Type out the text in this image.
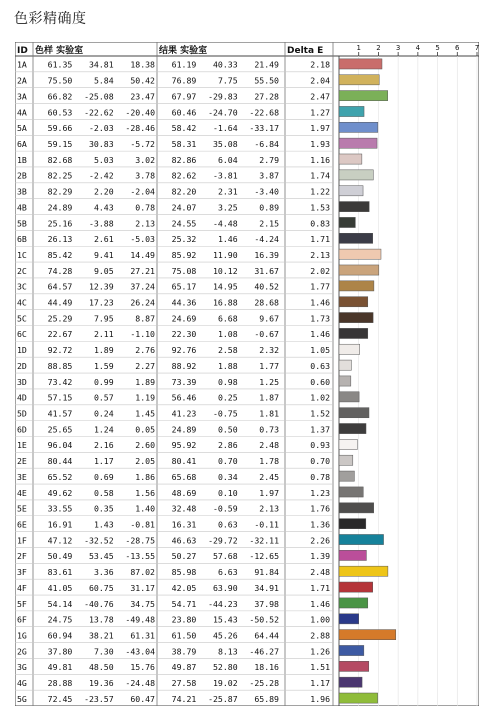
色彩精确度
ID 色样 实验室	结果 实验室	Delta E	1 2 3 4 5 6 7
1A	61.35 34.81 18.38 61.19 40.33 21.49	2.18
2A	75.50	5.84 50.42 76.89	7.75 55.50	2.04
3A	66.82 -25.08 23.47 67.97 -29.83 27.28	2.47
4A	60.53 -22.62 -20.40 60.46 -24.70 -22.68	1.27
5A	59.66 -2.03 -28.46 58.42 -1.64 -33.17	1.97
6A	59.15 30.83 -5.72 58.31 35.08 -6.84	1.93
1B	82.68	5.03	3.02 82.86	6.04	2.79	1.16
2B	82.25 -2.42	3.78 82.62 -3.81	3.87	1.74
3B	82.29	2.20 -2.04 82.20	2.31 -3.40	1.22
4B	24.89	4.43	0.78 24.07	3.25	0.89	1.53
5B	25.16 -3.88	2.13 24.55 -4.48	2.15	0.83
6B	26.13	2.61 -5.03 25.32	1.46 -4.24	1.71
1C	85.42	9.41 14.49 85.92 11.90 16.39	2.13
2C	74.28	9.05 27.21 75.08 10.12 31.67	2.02
3C	64.57 12.39 37.24 65.17 14.95 40.52	1.77
4C	44.49 17.23 26.24 44.36 16.88 28.68	1.46
5C	25.29	7.95	8.87 24.69	6.68	9.67	1.73
6C	22.67	2.11 -1.10 22.30	1.08 -0.67	1.46
1D	92.72	1.89	2.76 92.76	2.58	2.32	1.05
2D	88.85	1.59	2.27 88.92	1.88	1.77	0.63
3D	73.42	0.99	1.89 73.39	0.98	1.25	0.60
4D	57.15	0.57	1.19 56.46	0.25	1.87	1.02
5D	41.57	0.24	1.45 41.23 -0.75	1.81	1.52
6D	25.65	1.24	0.05 24.89	0.50	0.73	1.37
1E	96.04	2.16	2.60 95.92	2.86	2.48	0.93
2E	80.44	1.17	2.05 80.41	0.70	1.78	0.70
3E	65.52	0.69	1.86 65.68	0.34	2.45	0.78
4E	49.62	0.58	1.56 48.69	0.10	1.97	1.23
5E	33.55	0.35	1.40 32.48 -0.59	2.13	1.76
6E	16.91	1.43 -0.81 16.31	0.63 -0.11	1.36
1F	47.12 -32.52 -28.75 46.63 -29.72 -32.11	2.26
2F	50.49 53.45 -13.55 50.27 57.68 -12.65	1.39
3F	83.61	3.36 87.02 85.98	6.63 91.84	2.48
4F	41.05 60.75 31.17 42.05 63.90 34.91	1.71
5F	54.14 -40.76 34.75 54.71 -44.23 37.98	1.46
6F	24.75 13.78 -49.48 23.80 15.43 -50.52	1.00
1G	60.94 38.21 61.31 61.50 45.26 64.44	2.88
2G	37.80	7.30 -43.04 38.79	8.13 -46.27	1.26
3G	49.81 48.50 15.76 49.87 52.80 18.16	1.51
4G	28.88 19.36 -24.48 27.58 19.02 -25.28	1.17
5G	72.45 -23.57 60.47 74.21 -25.87 65.89	1.96
